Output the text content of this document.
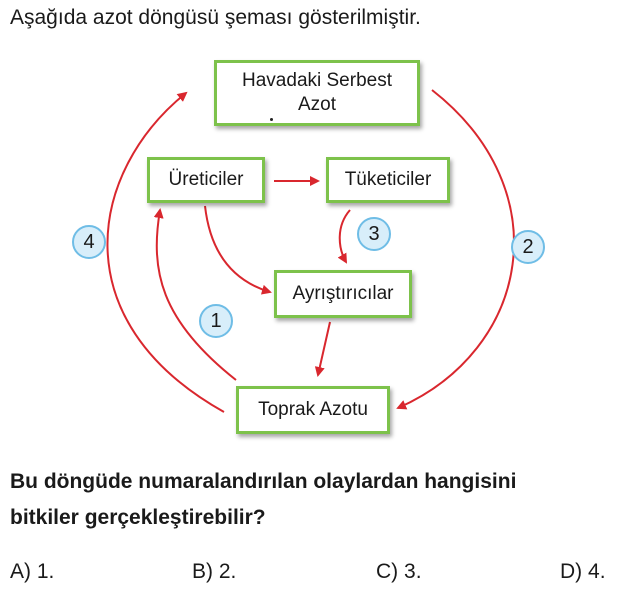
Aşağıda azot döngüsü şeması gösterilmiştir.
Havadaki Serbest
Azot
Üreticiler	Tüketiciler
Ayrıştırıcılar
Toprak Azotu
4
1
3
2
Bu döngüde numaralandırılan olaylardan hangisini
bitkiler gerçekleştirebilir?
A) 1.	B) 2.	C) 3.	D) 4.
